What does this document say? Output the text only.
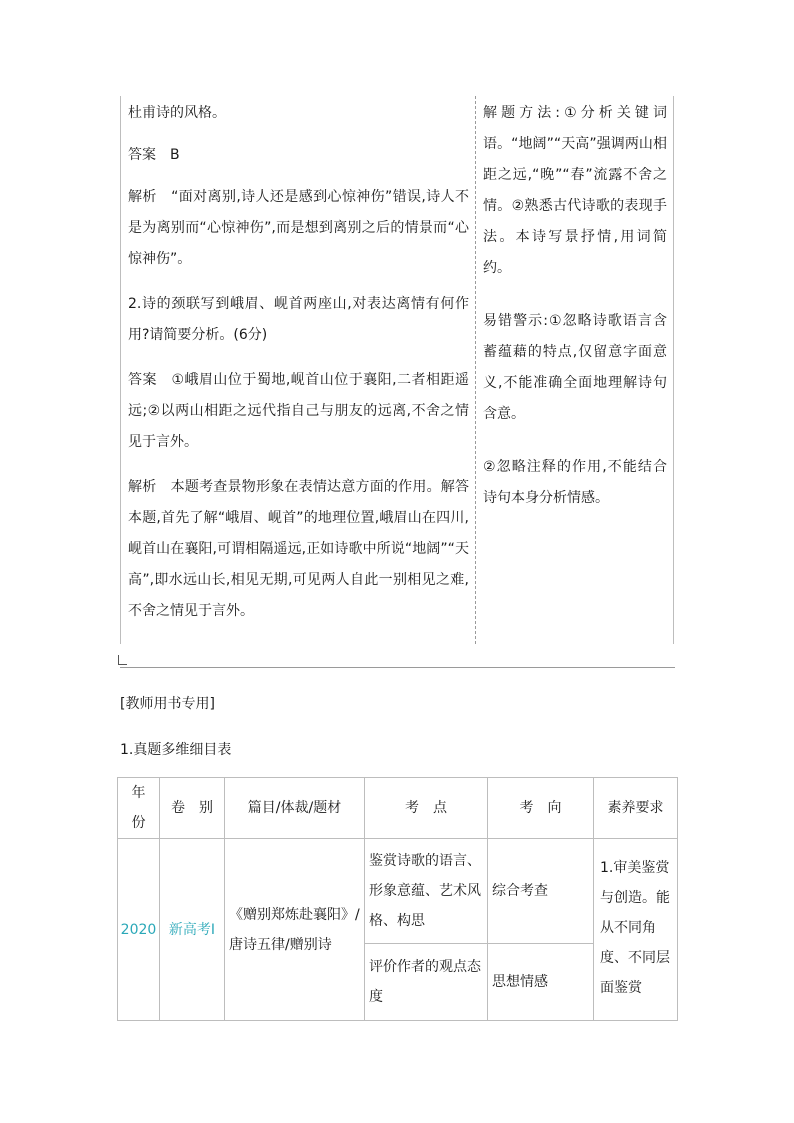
杜甫诗的风格。

答案　B

解析　“面对离别,诗人还是感到心惊神伤”错误,诗人不是为离别而“心惊神伤”,而是想到离别之后的情景而“心惊神伤”。

2.诗的颈联写到峨眉、岘首两座山,对表达离情有何作用?请简要分析。(6分)

答案　①峨眉山位于蜀地,岘首山位于襄阳,二者相距遥远;②以两山相距之远代指自己与朋友的远离,不舍之情见于言外。

解析　本题考查景物形象在表情达意方面的作用。解答本题,首先了解“峨眉、岘首”的地理位置,峨眉山在四川,岘首山在襄阳,可谓相隔遥远,正如诗歌中所说“地阔”“天高”,即水远山长,相见无期,可见两人自此一别相见之难,不舍之情见于言外。

解题方法:①分析关键词语。“地阔”“天高”强调两山相距之远,“晚”“春”流露不舍之情。②熟悉古代诗歌的表现手法。本诗写景抒情,用词简约。

易错警示:①忽略诗歌语言含蓄蕴藉的特点,仅留意字面意义,不能准确全面地理解诗句含意。

②忽略注释的作用,不能结合诗句本身分析情感。

[教师用书专用]
1.真题多维细目表
年　份	卷　别	篇目/体裁/题材	考　点	考　向	素养要求
2020	新高考Ⅰ	《赠别郑炼赴襄阳》/唐诗五律/赠别诗	鉴赏诗歌的语言、形象意蕴、艺术风格、构思	综合考查	1.审美鉴赏与创造。能从不同角度、不同层面鉴赏
			评价作者的观点态度	思想情感	
